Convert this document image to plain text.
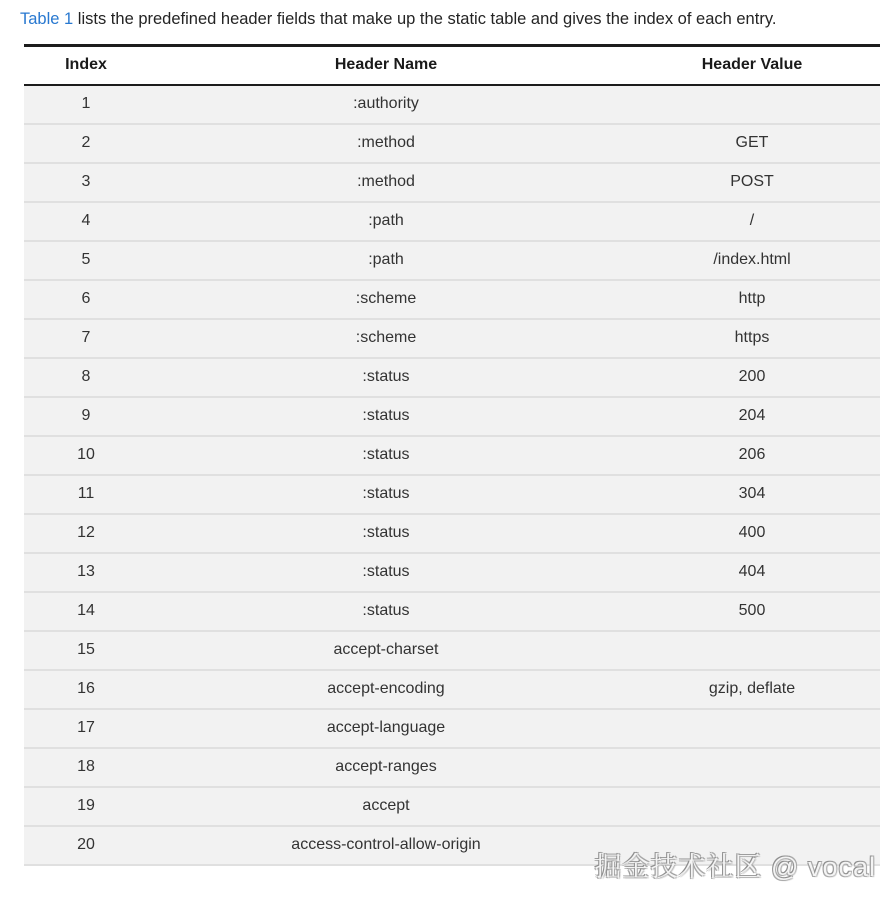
Table 1 lists the predefined header fields that make up the static table and gives the index of each entry.

Index	Header Name	Header Value
1	:authority	
2	:method	GET
3	:method	POST
4	:path	/
5	:path	/index.html
6	:scheme	http
7	:scheme	https
8	:status	200
9	:status	204
10	:status	206
11	:status	304
12	:status	400
13	:status	404
14	:status	500
15	accept-charset	
16	accept-encoding	gzip, deflate
17	accept-language	
18	accept-ranges	
19	accept	
20	access-control-allow-origin	
掘金技术社区 @ vocal
